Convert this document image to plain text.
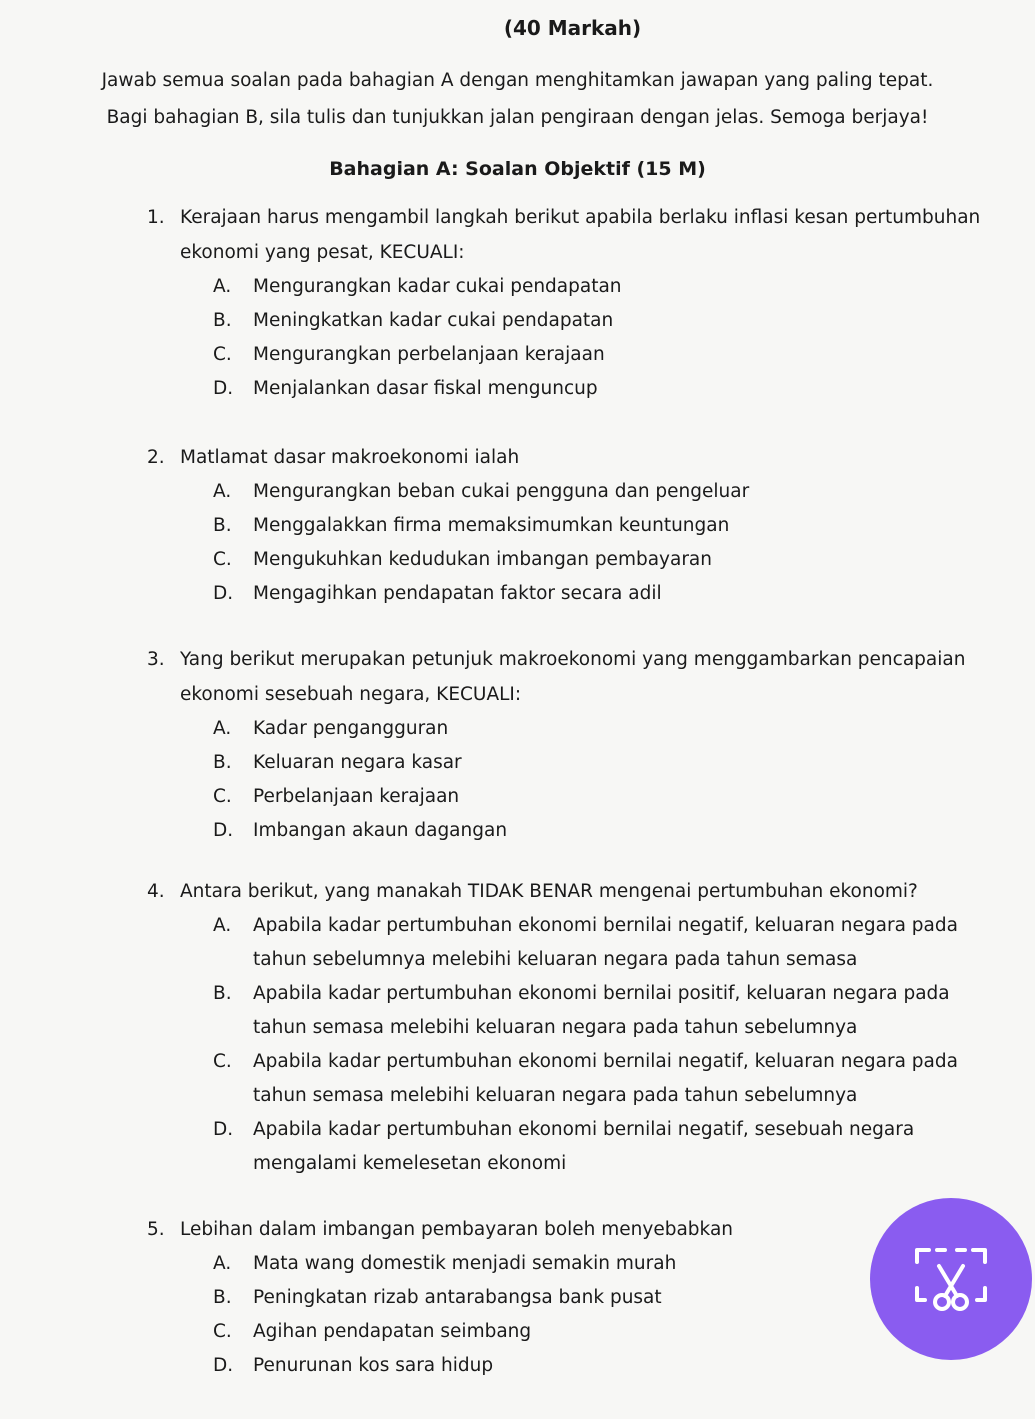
(40 Markah)
Jawab semua soalan pada bahagian A dengan menghitamkan jawapan yang paling tepat.
Bagi bahagian B, sila tulis dan tunjukkan jalan pengiraan dengan jelas. Semoga berjaya!
Bahagian A: Soalan Objektif (15 M)
1. Kerajaan harus mengambil langkah berikut apabila berlaku inflasi kesan pertumbuhan ekonomi yang pesat, KECUALI:
A. Mengurangkan kadar cukai pendapatan
B. Meningkatkan kadar cukai pendapatan
C. Mengurangkan perbelanjaan kerajaan
D. Menjalankan dasar fiskal menguncup
2. Matlamat dasar makroekonomi ialah
A. Mengurangkan beban cukai pengguna dan pengeluar
B. Menggalakkan firma memaksimumkan keuntungan
C. Mengukuhkan kedudukan imbangan pembayaran
D. Mengagihkan pendapatan faktor secara adil
3. Yang berikut merupakan petunjuk makroekonomi yang menggambarkan pencapaian ekonomi sesebuah negara, KECUALI:
A. Kadar pengangguran
B. Keluaran negara kasar
C. Perbelanjaan kerajaan
D. Imbangan akaun dagangan
4. Antara berikut, yang manakah TIDAK BENAR mengenai pertumbuhan ekonomi?
A. Apabila kadar pertumbuhan ekonomi bernilai negatif, keluaran negara pada tahun sebelumnya melebihi keluaran negara pada tahun semasa
B. Apabila kadar pertumbuhan ekonomi bernilai positif, keluaran negara pada tahun semasa melebihi keluaran negara pada tahun sebelumnya
C. Apabila kadar pertumbuhan ekonomi bernilai negatif, keluaran negara pada tahun semasa melebihi keluaran negara pada tahun sebelumnya
D. Apabila kadar pertumbuhan ekonomi bernilai negatif, sesebuah negara mengalami kemelesetan ekonomi
5. Lebihan dalam imbangan pembayaran boleh menyebabkan
A. Mata wang domestik menjadi semakin murah
B. Peningkatan rizab antarabangsa bank pusat
C. Agihan pendapatan seimbang
D. Penurunan kos sara hidup
